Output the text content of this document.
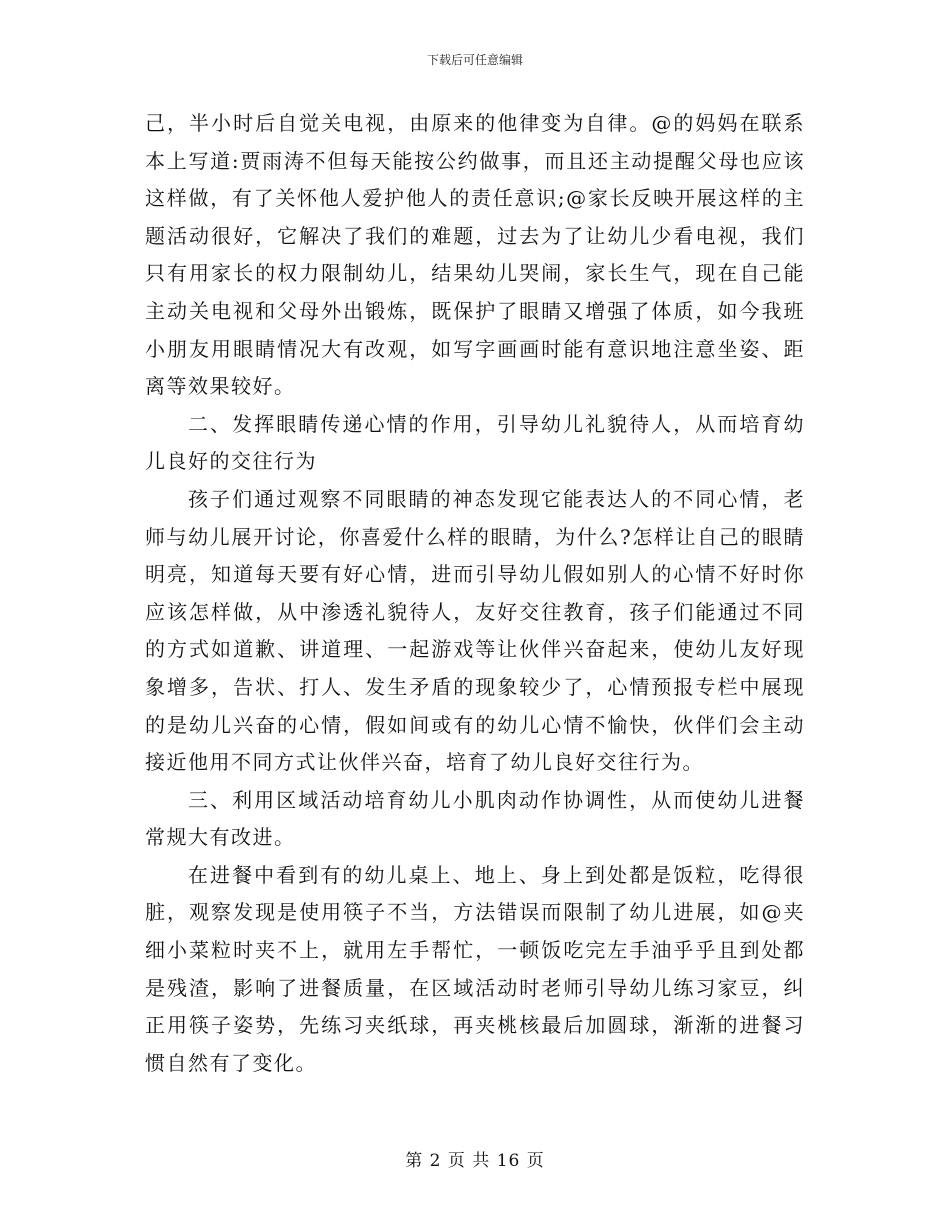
下载后可任意编辑

己，半小时后自觉关电视，由原来的他律变为自律。@的妈妈在联系本上写道:贾雨涛不但每天能按公约做事，而且还主动提醒父母也应该这样做，有了关怀他人爱护他人的责任意识;@家长反映开展这样的主题活动很好，它解决了我们的难题，过去为了让幼儿少看电视，我们只有用家长的权力限制幼儿，结果幼儿哭闹，家长生气，现在自己能主动关电视和父母外出锻炼，既保护了眼睛又增强了体质，如今我班小朋友用眼睛情况大有改观，如写字画画时能有意识地注意坐姿、距离等效果较好。

二、发挥眼睛传递心情的作用，引导幼儿礼貌待人，从而培育幼儿良好的交往行为

孩子们通过观察不同眼睛的神态发现它能表达人的不同心情，老师与幼儿展开讨论，你喜爱什么样的眼睛，为什么?怎样让自己的眼睛明亮，知道每天要有好心情，进而引导幼儿假如别人的心情不好时你应该怎样做，从中渗透礼貌待人，友好交往教育，孩子们能通过不同的方式如道歉、讲道理、一起游戏等让伙伴兴奋起来，使幼儿友好现象增多，告状、打人、发生矛盾的现象较少了，心情预报专栏中展现的是幼儿兴奋的心情，假如间或有的幼儿心情不愉快，伙伴们会主动接近他用不同方式让伙伴兴奋，培育了幼儿良好交往行为。

三、利用区域活动培育幼儿小肌肉动作协调性，从而使幼儿进餐常规大有改进。

在进餐中看到有的幼儿桌上、地上、身上到处都是饭粒，吃得很脏，观察发现是使用筷子不当，方法错误而限制了幼儿进展，如@夹细小菜粒时夹不上，就用左手帮忙，一顿饭吃完左手油乎乎且到处都是残渣，影响了进餐质量，在区域活动时老师引导幼儿练习家豆，纠正用筷子姿势，先练习夹纸球，再夹桃核最后加圆球，渐渐的进餐习惯自然有了变化。

第 2 页 共 16 页
